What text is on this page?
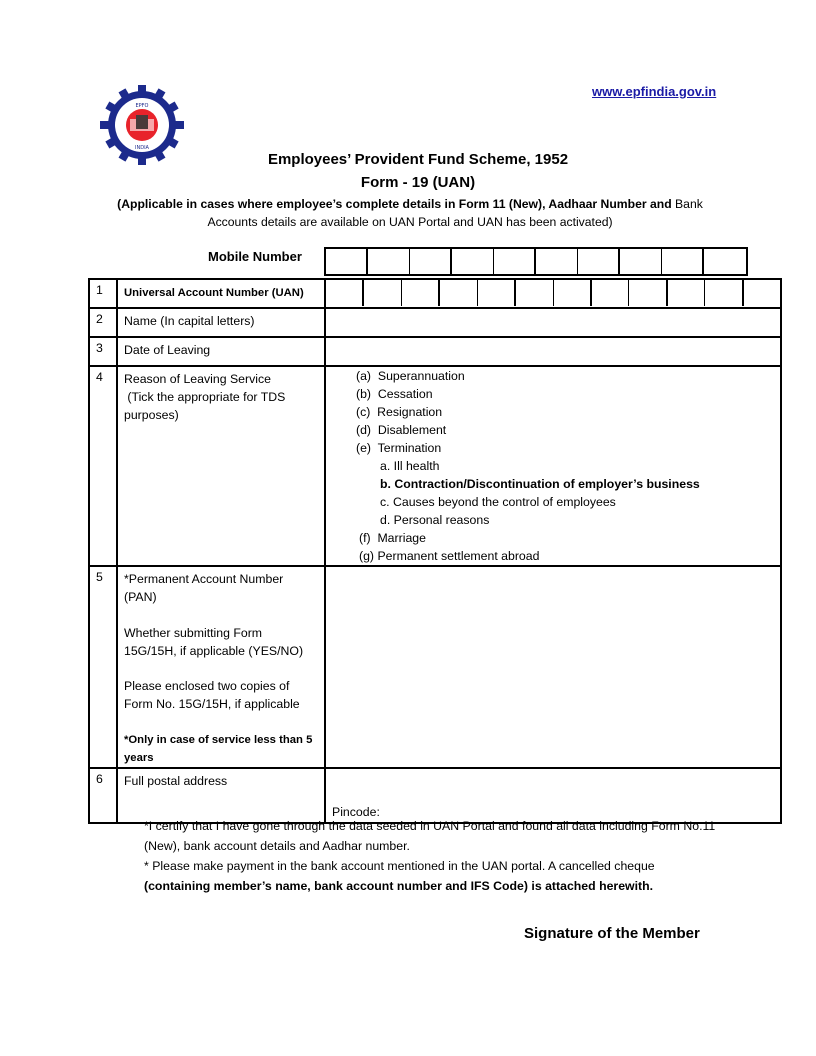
EPFO
INDIA
www.epfindia.gov.in
Employees’ Provident Fund Scheme, 1952
Form - 19 (UAN)
(Applicable in cases where employee’s complete details in Form 11 (New), Aadhaar Number and Bank
Accounts details are available on UAN Portal and UAN has been activated)
Mobile Number
1	Universal Account Number (UAN)	

2	Name (In capital letters)	
3	Date of Leaving	
4	Reason of Leaving Service
(Tick the appropriate for TDS purposes)

(a)  Superannuation
(b)  Cessation
(c)  Resignation
(d)  Disablement
(e)  Termination
a. Ill health
b. Contraction/Discontinuation of employer’s business
c. Causes beyond the control of employees
d. Personal reasons
(f)  Marriage
(g) Permanent settlement abroad

5	*Permanent Account Number (PAN)
Whether submitting Form 15G/15H, if applicable (YES/NO)
Please enclosed two copies of Form No. 15G/15H, if applicable
*Only in case of service less than 5 years	

6	Full postal address	Pincode:
*I certify that I have gone through the data seeded in UAN Portal and found all data including Form No.11 (New), bank account details and Aadhar number.
* Please make payment in the bank account mentioned in the UAN portal. A cancelled cheque
(containing member’s name, bank account number and IFS Code) is attached herewith.
Signature of the Member
